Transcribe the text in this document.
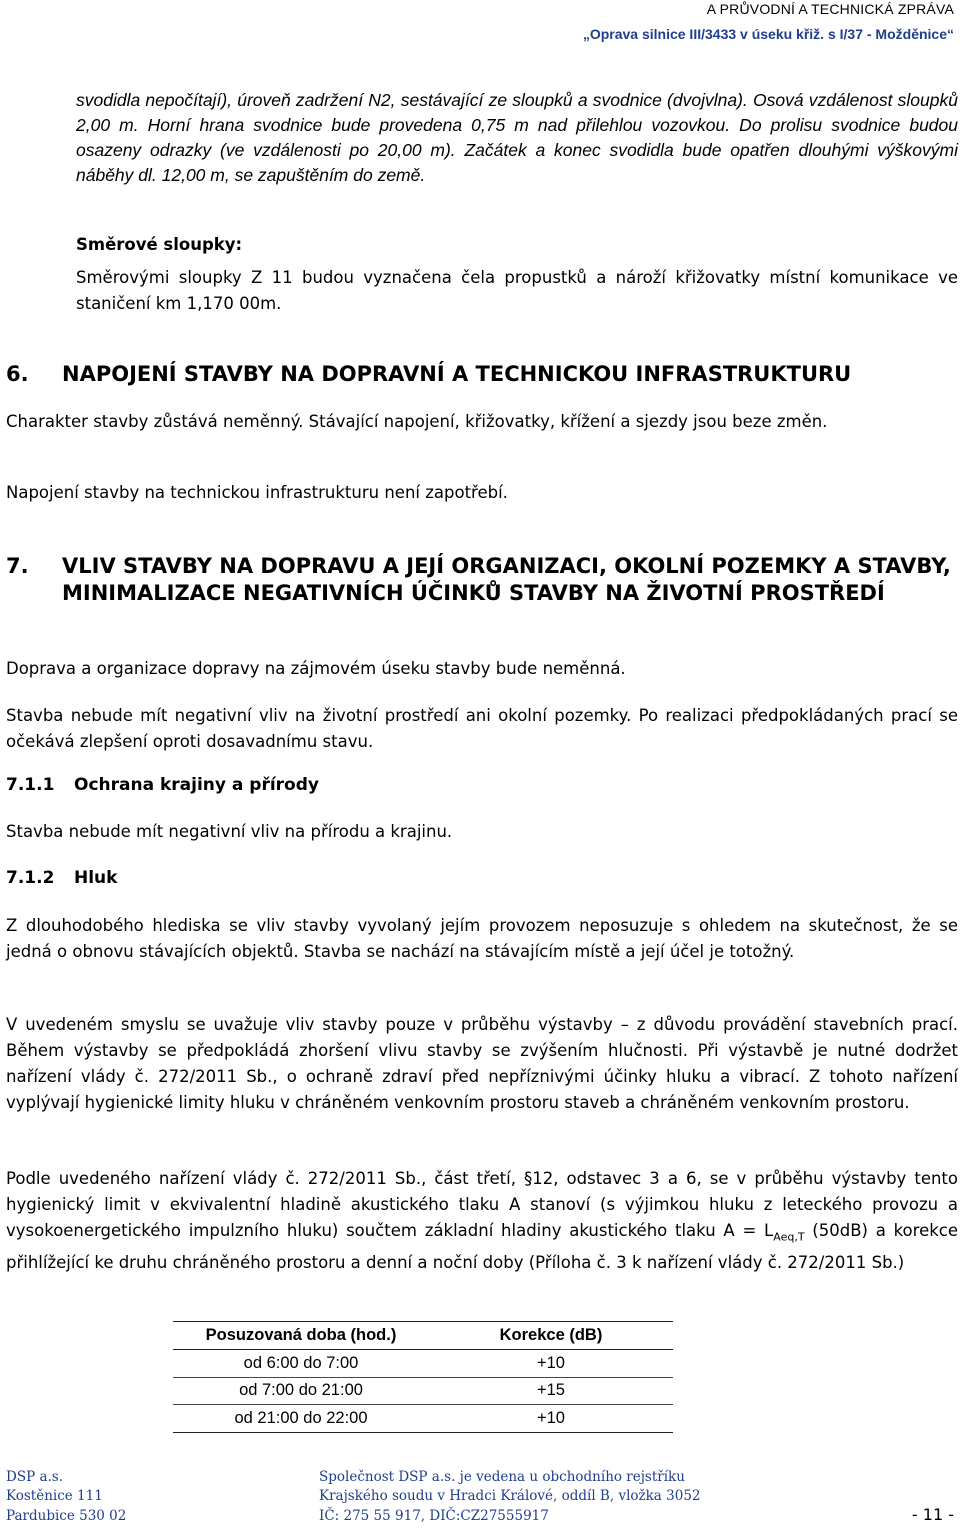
A PRŮVODNÍ A TECHNICKÁ ZPRÁVA
„Oprava silnice III/3433 v úseku křiž. s I/37 - Možděnice“
svodidla nepočítají), úroveň zadržení N2, sestávající ze sloupků a svodnice (dvojvlna). Osová vzdálenost sloupků 2,00 m. Horní hrana svodnice bude provedena 0,75 m nad přilehlou vozovkou. Do prolisu svodnice budou osazeny odrazky (ve vzdálenosti po 20,00 m). Začátek a konec svodidla bude opatřen dlouhými výškovými náběhy dl. 12,00 m, se zapuštěním do země.
Směrové sloupky:
Směrovými sloupky Z 11 budou vyznačena čela propustků a nároží křižovatky místní komunikace ve staničení km 1,170 00m.
6. NAPOJENÍ STAVBY NA DOPRAVNÍ A TECHNICKOU INFRASTRUKTURU
Charakter stavby zůstává neměnný. Stávající napojení, křižovatky, křížení a sjezdy jsou beze změn.
Napojení stavby na technickou infrastrukturu není zapotřebí.
7.	VLIV STAVBY NA DOPRAVU A JEJÍ ORGANIZACI, OKOLNÍ POZEMKY A STAVBY, MINIMALIZACE NEGATIVNÍCH ÚČINKŮ STAVBY NA ŽIVOTNÍ PROSTŘEDÍ
Doprava a organizace dopravy na zájmovém úseku stavby bude neměnná.
Stavba nebude mít negativní vliv na životní prostředí ani okolní pozemky. Po realizaci předpokládaných prací se očekává zlepšení oproti dosavadnímu stavu.
7.1.1 Ochrana krajiny a přírody
Stavba nebude mít negativní vliv na přírodu a krajinu.
7.1.2 Hluk
Z dlouhodobého hlediska se vliv stavby vyvolaný jejím provozem neposuzuje s ohledem na skutečnost, že se jedná o obnovu stávajících objektů. Stavba se nachází na stávajícím místě a její účel je totožný.
V uvedeném smyslu se uvažuje vliv stavby pouze v průběhu výstavby – z důvodu provádění stavebních prací. Během výstavby se předpokládá zhoršení vlivu stavby se zvýšením hlučnosti. Při výstavbě je nutné dodržet nařízení vlády č. 272/2011 Sb., o ochraně zdraví před nepříznivými účinky hluku a vibrací. Z tohoto nařízení vyplývají hygienické limity hluku v chráněném venkovním prostoru staveb a chráněném venkovním prostoru.
Podle uvedeného nařízení vlády č. 272/2011 Sb., část třetí, §12, odstavec 3 a 6, se v průběhu výstavby tento hygienický limit v ekvivalentní hladině akustického tlaku A stanoví (s výjimkou hluku z leteckého provozu a vysokoenergetického impulzního hluku) součtem základní hladiny akustického tlaku $A = L_{Aeq,T}$ (50dB) a korekce přihlížející ke druhu chráněného prostoru a denní a noční doby (Příloha č. 3 k nařízení vlády č. 272/2011 Sb.)
Posuzovaná doba (hod.)	Korekce (dB)
od 6:00 do 7:00	+10
od 7:00 do 21:00	+15
od 21:00 do 22:00	+10
DSP a.s.
Kostěnice 111
Pardubice 530 02
Společnost DSP a.s. je vedena u obchodního rejstříku
Krajského soudu v Hradci Králové, oddíl B, vložka 3052
IČ: 275 55 917, DIČ:CZ27555917	- 11 -
